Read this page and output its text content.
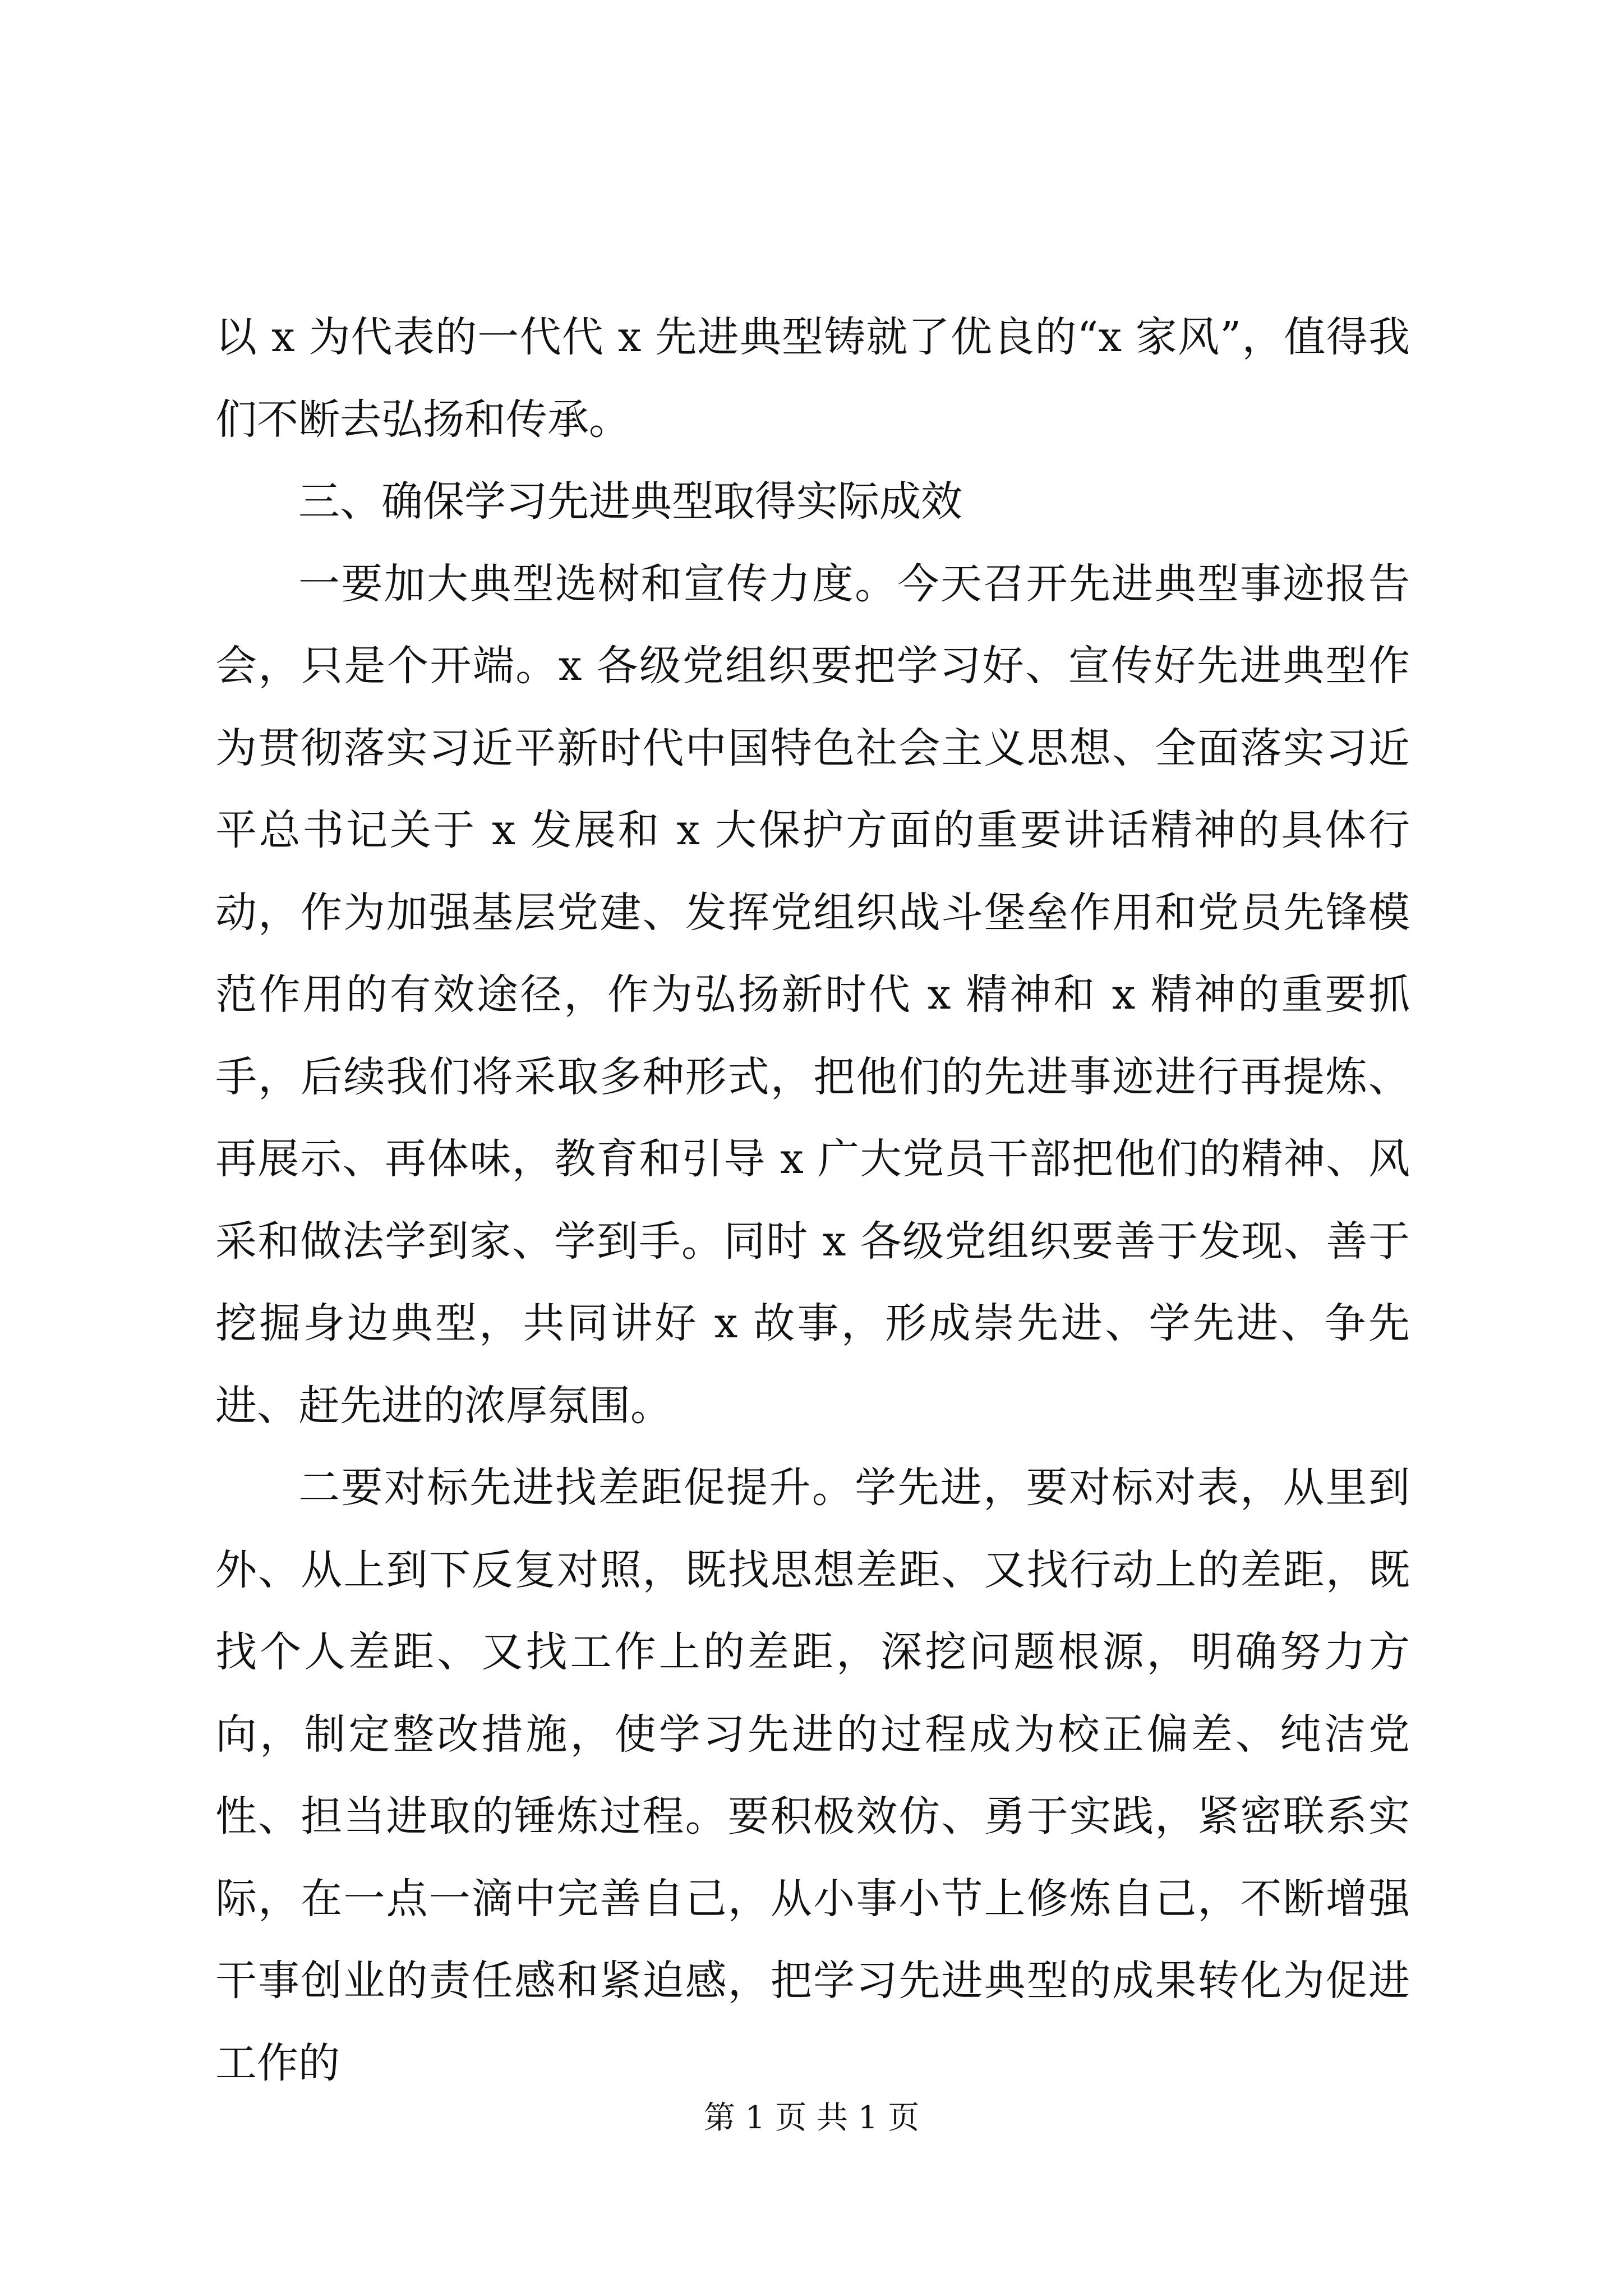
以 x 为代表的一代代 x 先进典型铸就了优良的“x 家风”，值得我们不断去弘扬和传承。

三、确保学习先进典型取得实际成效

一要加大典型选树和宣传力度。今天召开先进典型事迹报告会，只是个开端。x 各级党组织要把学习好、宣传好先进典型作为贯彻落实习近平新时代中国特色社会主义思想、全面落实习近平总书记关于 x 发展和 x 大保护方面的重要讲话精神的具体行动，作为加强基层党建、发挥党组织战斗堡垒作用和党员先锋模范作用的有效途径，作为弘扬新时代 x 精神和 x 精神的重要抓手，后续我们将采取多种形式，把他们的先进事迹进行再提炼、再展示、再体味，教育和引导 x 广大党员干部把他们的精神、风采和做法学到家、学到手。同时 x 各级党组织要善于发现、善于挖掘身边典型，共同讲好 x 故事，形成崇先进、学先进、争先进、赶先进的浓厚氛围。

二要对标先进找差距促提升。学先进，要对标对表，从里到外、从上到下反复对照，既找思想差距、又找行动上的差距，既找个人差距、又找工作上的差距，深挖问题根源，明确努力方向，制定整改措施，使学习先进的过程成为校正偏差、纯洁党性、担当进取的锤炼过程。要积极效仿、勇于实践，紧密联系实际，在一点一滴中完善自己，从小事小节上修炼自己，不断增强干事创业的责任感和紧迫感，把学习先进典型的成果转化为促进工作的

第 1 页 共 1 页
